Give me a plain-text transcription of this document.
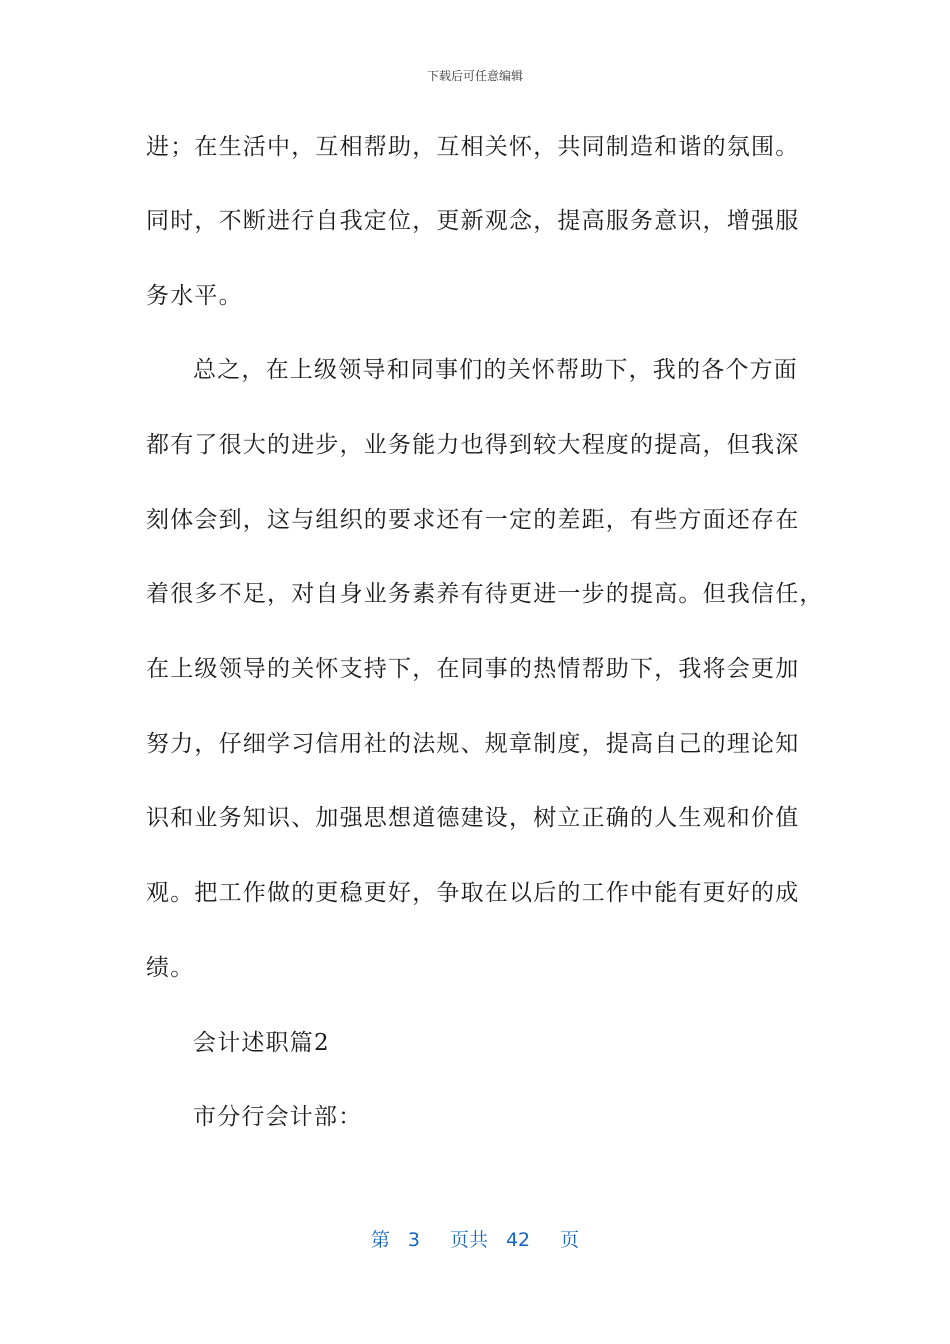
下载后可任意编辑
进；在生活中，互相帮助，互相关怀，共同制造和谐的氛围。
同时，不断进行自我定位，更新观念，提高服务意识，增强服
务水平。
总之，在上级领导和同事们的关怀帮助下，我的各个方面
都有了很大的进步，业务能力也得到较大程度的提高，但我深
刻体会到，这与组织的要求还有一定的差距，有些方面还存在
着很多不足，对自身业务素养有待更进一步的提高。但我信任，
在上级领导的关怀支持下，在同事的热情帮助下，我将会更加
努力，仔细学习信用社的法规、规章制度，提高自己的理论知
识和业务知识、加强思想道德建设，树立正确的人生观和价值
观。把工作做的更稳更好，争取在以后的工作中能有更好的成
绩。
会计述职篇2
市分行会计部：
第 3 页共 42 页
